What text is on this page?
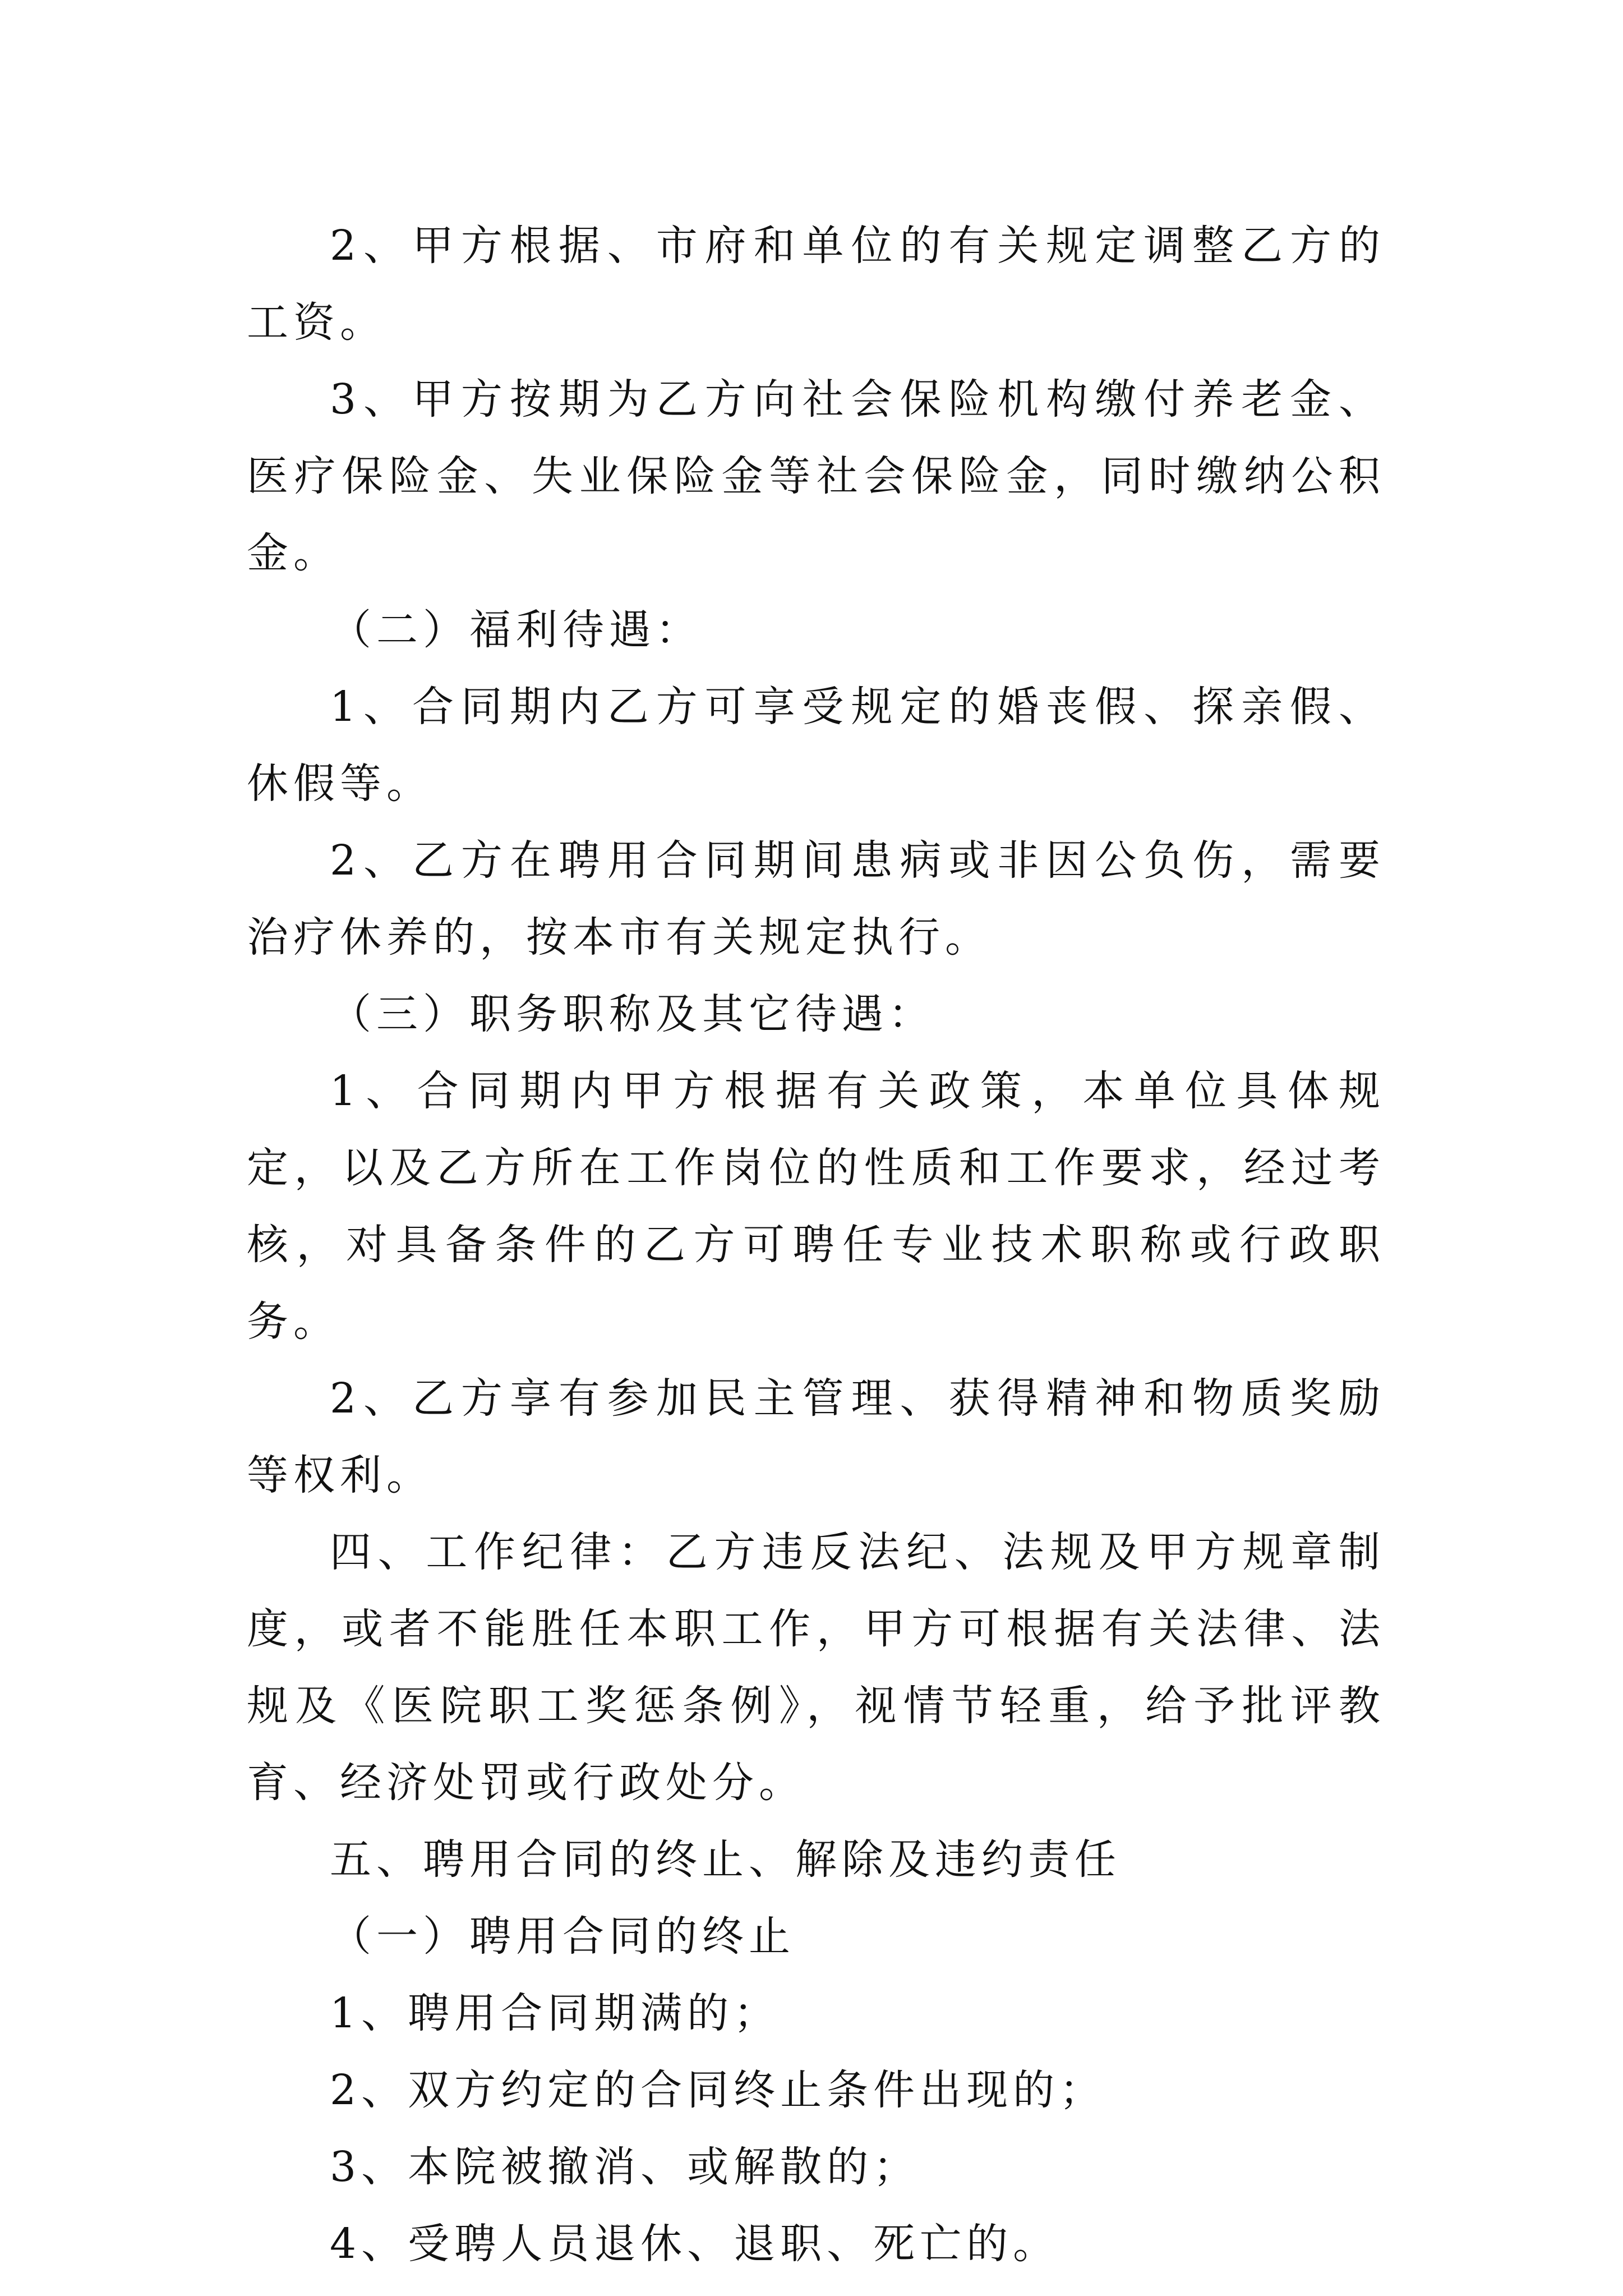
2、甲方根据、市府和单位的有关规定调整乙方的工资。

3、甲方按期为乙方向社会保险机构缴付养老金、医疗保险金、失业保险金等社会保险金，同时缴纳公积金。

（二）福利待遇：

1、合同期内乙方可享受规定的婚丧假、探亲假、休假等。

2、乙方在聘用合同期间患病或非因公负伤，需要治疗休养的，按本市有关规定执行。

（三）职务职称及其它待遇：

1、合同期内甲方根据有关政策，本单位具体规定，以及乙方所在工作岗位的性质和工作要求，经过考核，对具备条件的乙方可聘任专业技术职称或行政职务。

2、乙方享有参加民主管理、获得精神和物质奖励等权利。

四、工作纪律：乙方违反法纪、法规及甲方规章制度，或者不能胜任本职工作，甲方可根据有关法律、法规及《医院职工奖惩条例》，视情节轻重，给予批评教育、经济处罚或行政处分。

五、聘用合同的终止、解除及违约责任

（一）聘用合同的终止

1、聘用合同期满的；

2、双方约定的合同终止条件出现的；

3、本院被撤消、或解散的；

4、受聘人员退休、退职、死亡的。
